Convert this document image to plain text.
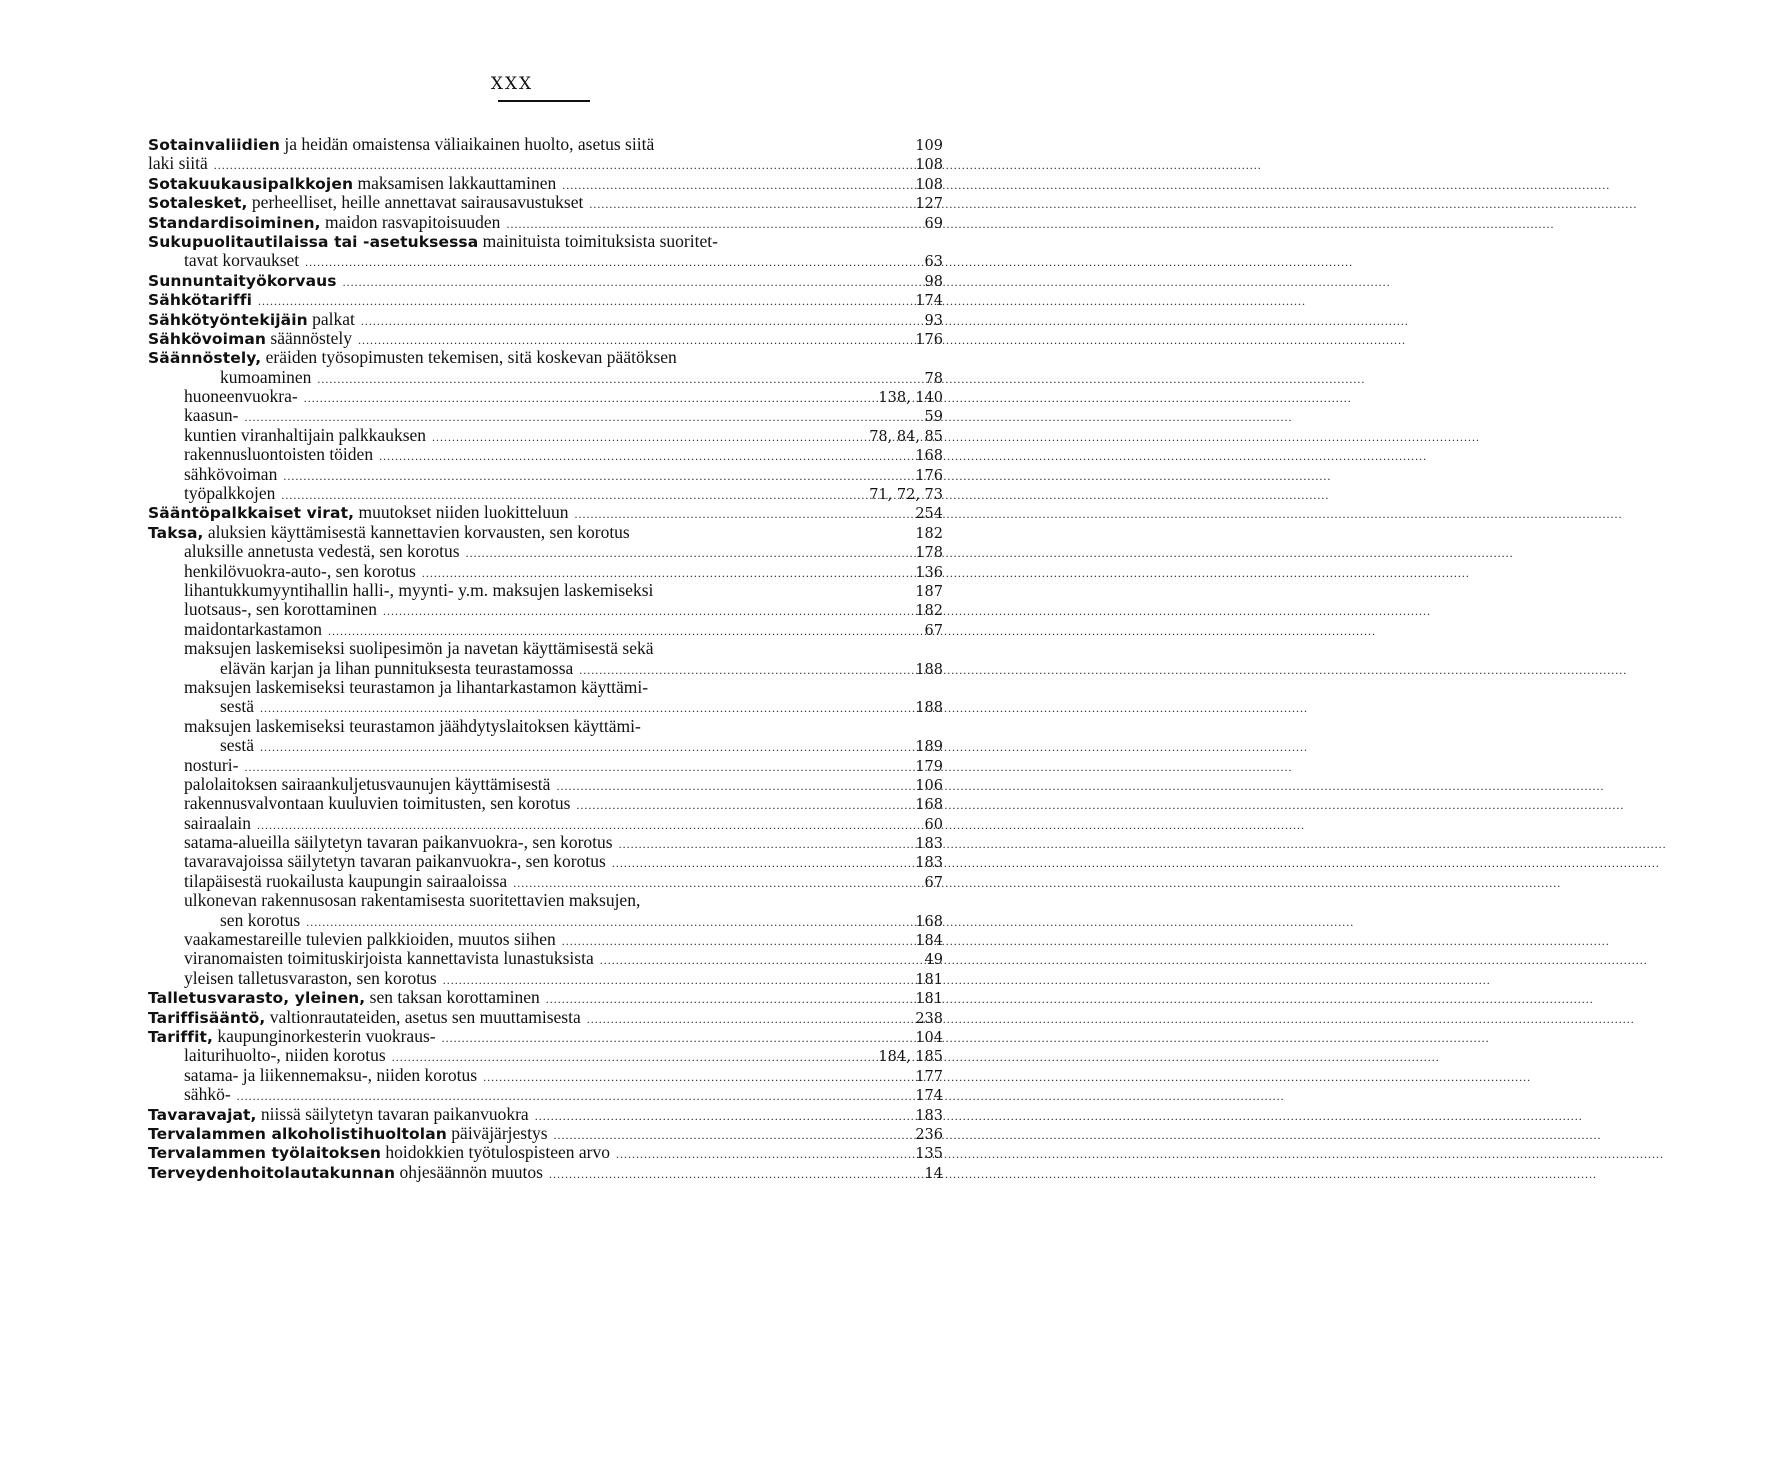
XXX
Sotainvaliidien ja heidän omaistensa väliaikainen huolto, asetus siitä	109
laki siitä .....	108
Sotakuukausipalkkojen maksamisen lakkauttaminen .....	108
Sotalesket, perheelliset, heille annettavat sairausavustukset .....	127
Standardisoiminen, maidon rasvapitoisuuden .....	69
Sukupuolitautilaissa tai -asetuksessa mainituista toimituksista suoritet-
tavat korvaukset .....	63
Sunnuntaityökorvaus .....	98
Sähkötariffi .....	174
Sähkötyöntekijäin palkat .....	93
Sähkövoiman säännöstely .....	176
Säännöstely, eräiden työsopimusten tekemisen, sitä koskevan päätöksen
kumoaminen .....	78
huoneenvuokra- .....	138, 140
kaasun- .....	59
kuntien viranhaltijain palkkauksen .....	78, 84, 85
rakennusluontoisten töiden .....	168
sähkövoiman .....	176
työpalkkojen .....	71, 72, 73
Sääntöpalkkaiset virat, muutokset niiden luokitteluun .....	254
Taksa, aluksien käyttämisestä kannettavien korvausten, sen korotus	182
aluksille annetusta vedestä, sen korotus .....	178
henkilövuokra-auto-, sen korotus .....	136
lihantukkumyyntihallin halli-, myynti- y.m. maksujen laskemiseksi	187
luotsaus-, sen korottaminen .....	182
maidontarkastamon .....	67
maksujen laskemiseksi suolipesimön ja navetan käyttämisestä sekä
elävän karjan ja lihan punnituksesta teurastamossa .....	188
maksujen laskemiseksi teurastamon ja lihantarkastamon käyttämi-
sestä .....	188
maksujen laskemiseksi teurastamon jäähdytyslaitoksen käyttämi-
sestä .....	189
nosturi- .....	179
palolaitoksen sairaankuljetusvaunujen käyttämisestä .....	106
rakennusvalvontaan kuuluvien toimitusten, sen korotus .....	168
sairaalain .....	60
satama-alueilla säilytetyn tavaran paikanvuokra-, sen korotus .....	183
tavaravajoissa säilytetyn tavaran paikanvuokra-, sen korotus .....	183
tilapäisestä ruokailusta kaupungin sairaaloissa .....	67
ulkonevan rakennusosan rakentamisesta suoritettavien maksujen,
sen korotus .....	168
vaakamestareille tulevien palkkioiden, muutos siihen .....	184
viranomaisten toimituskirjoista kannettavista lunastuksista .....	49
yleisen talletusvaraston, sen korotus .....	181
Talletusvarasto, yleinen, sen taksan korottaminen .....	181
Tariffisääntö, valtionrautateiden, asetus sen muuttamisesta .....	238
Tariffit, kaupunginorkesterin vuokraus- .....	104
laiturihuolto-, niiden korotus .....	184, 185
satama- ja liikennemaksu-, niiden korotus .....	177
sähkö- .....	174
Tavaravajat, niissä säilytetyn tavaran paikanvuokra .....	183
Tervalammen alkoholistihuoltolan päiväjärjestys .....	236
Tervalammen työlaitoksen hoidokkien työtulospisteen arvo .....	135
Terveydenhoitolautakunnan ohjesäännön muutos .....	14
